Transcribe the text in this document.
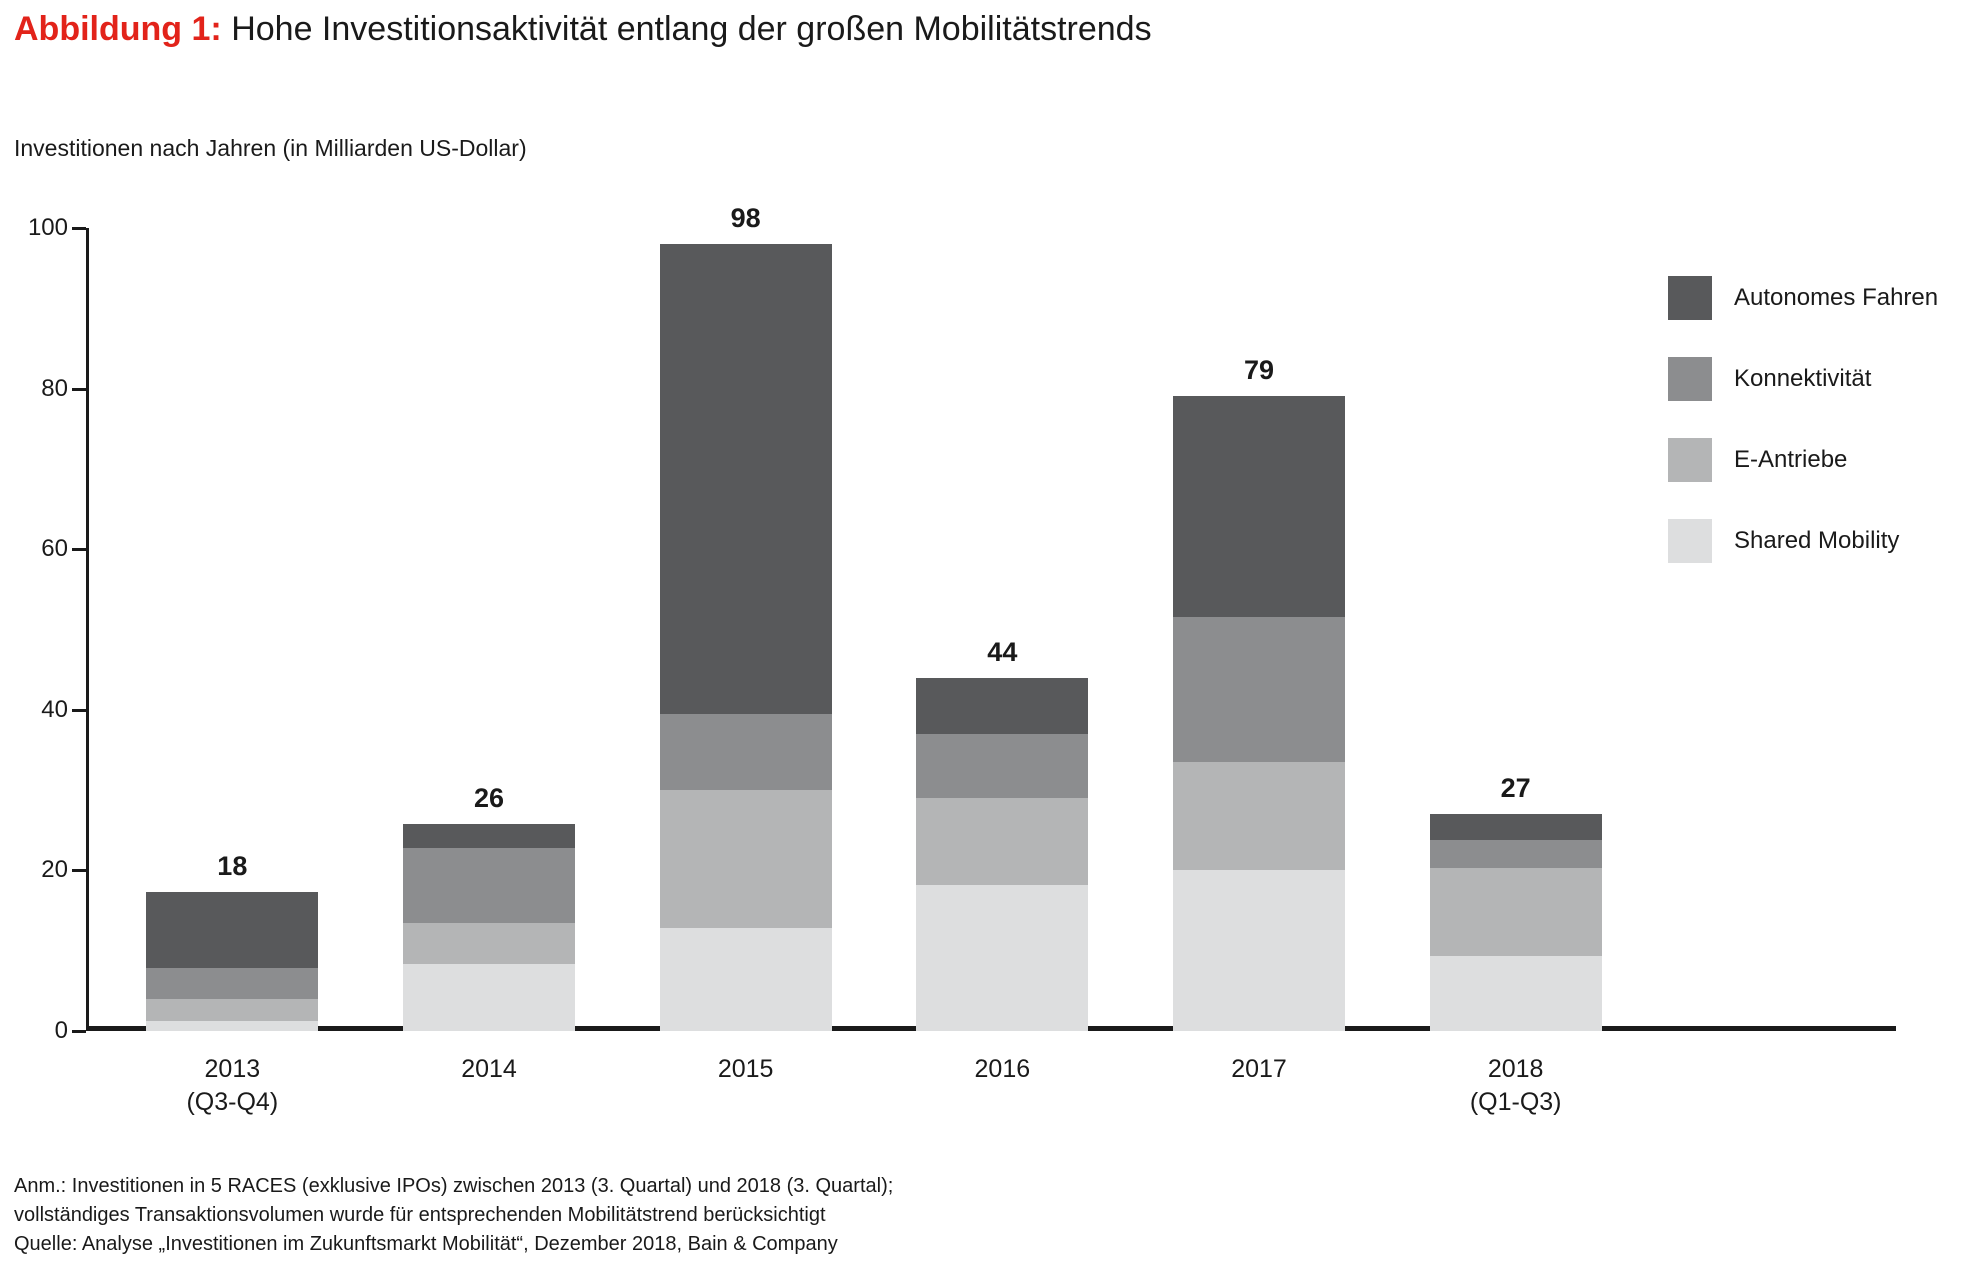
Abbildung 1: Hohe Investitionsaktivität entlang der großen Mobilitätstrends
Investitionen nach Jahren (in Milliarden US-Dollar)
0
20
40
60
80
100
18
2013
(Q3-Q4)
26
2014
98
2015
44
2016
79
2017
27
2018
(Q1-Q3)
Autonomes Fahren
Konnektivität
E-Antriebe
Shared Mobility
Anm.: Investitionen in 5 RACES (exklusive IPOs) zwischen 2013 (3. Quartal) und 2018 (3. Quartal);
vollständiges Transaktionsvolumen wurde für entsprechenden Mobilitätstrend berücksichtigt
Quelle: Analyse „Investitionen im Zukunftsmarkt Mobilität“, Dezember 2018, Bain & Company
